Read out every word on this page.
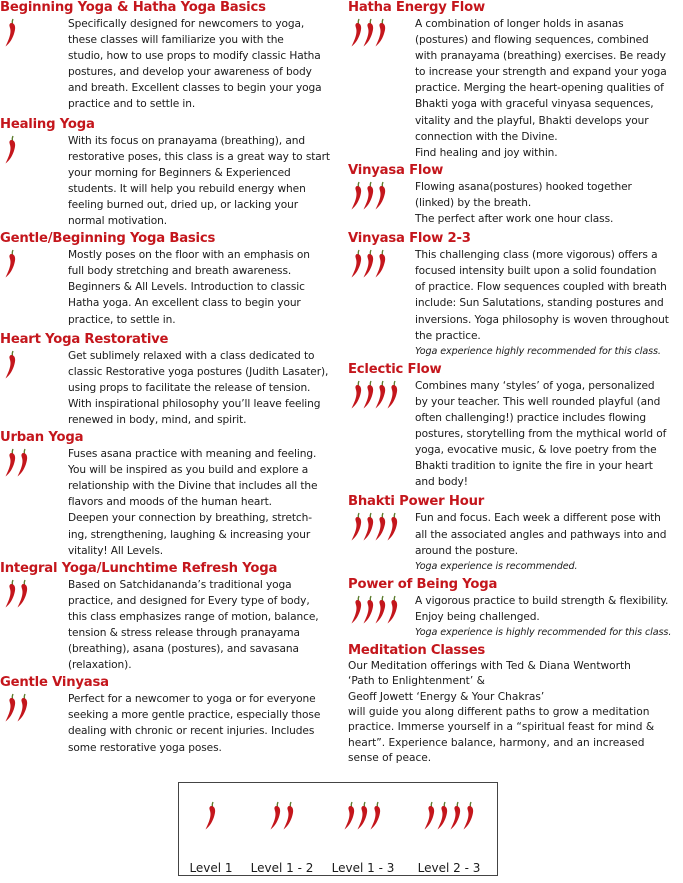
Beginning Yoga & Hatha Yoga Basics
Specifically designed for newcomers to yoga,
these classes will familiarize you with the
studio, how to use props to modify classic Hatha
postures, and develop your awareness of body
and breath. Excellent classes to begin your yoga
practice and to settle in.
Healing Yoga
With its focus on pranayama (breathing), and
restorative poses, this class is a great way to start
your morning for Beginners & Experienced
students. It will help you rebuild energy when
feeling burned out, dried up, or lacking your
normal motivation.
Gentle/Beginning Yoga Basics
Mostly poses on the floor with an emphasis on
full body stretching and breath awareness.
Beginners & All Levels. Introduction to classic
Hatha yoga. An excellent class to begin your
practice, to settle in.
Heart Yoga Restorative
Get sublimely relaxed with a class dedicated to
classic Restorative yoga postures (Judith Lasater),
using props to facilitate the release of tension.
With inspirational philosophy you’ll leave feeling
renewed in body, mind, and spirit.
Urban Yoga
Fuses asana practice with meaning and feeling.
You will be inspired as you build and explore a
relationship with the Divine that includes all the
flavors and moods of the human heart.
Deepen your connection by breathing, stretch-
ing, strengthening, laughing & increasing your
vitality! All Levels.
Integral Yoga/Lunchtime Refresh Yoga
Based on Satchidananda’s traditional yoga
practice, and designed for Every type of body,
this class emphasizes range of motion, balance,
tension & stress release through pranayama
(breathing), asana (postures), and savasana
(relaxation).
Gentle Vinyasa
Perfect for a newcomer to yoga or for everyone
seeking a more gentle practice, especially those
dealing with chronic or recent injuries. Includes
some restorative yoga poses.
Hatha Energy Flow
A combination of longer holds in asanas
(postures) and flowing sequences, combined
with pranayama (breathing) exercises. Be ready
to increase your strength and expand your yoga
practice. Merging the heart-opening qualities of
Bhakti yoga with graceful vinyasa sequences,
vitality and the playful, Bhakti develops your
connection with the Divine.
Find healing and joy within.
Vinyasa Flow
Flowing asana(postures) hooked together
(linked) by the breath.
The perfect after work one hour class.
Vinyasa Flow 2-3
This challenging class (more vigorous) offers a
focused intensity built upon a solid foundation
of practice. Flow sequences coupled with breath
include: Sun Salutations, standing postures and
inversions. Yoga philosophy is woven throughout
the practice.
Yoga experience highly recommended for this class.
Eclectic Flow
Combines many ‘styles’ of yoga, personalized
by your teacher. This well rounded playful (and
often challenging!) practice includes flowing
postures, storytelling from the mythical world of
yoga, evocative music, & love poetry from the
Bhakti tradition to ignite the fire in your heart
and body!
Bhakti Power Hour
Fun and focus. Each week a different pose with
all the associated angles and pathways into and
around the posture.
Yoga experience is recommended.
Power of Being Yoga
A vigorous practice to build strength & flexibility.
Enjoy being challenged.
Yoga experience is highly recommended for this class.
Meditation Classes
Our Meditation offerings with Ted & Diana Wentworth
‘Path to Enlightenment’ &
Geoff Jowett ‘Energy & Your Chakras’
will guide you along different paths to grow a meditation
practice. Immerse yourself in a “spiritual feast for mind &
heart”. Experience balance, harmony, and an increased
sense of peace.
Level 1	Level 1 - 2	Level 1 - 3	Level 2 - 3
